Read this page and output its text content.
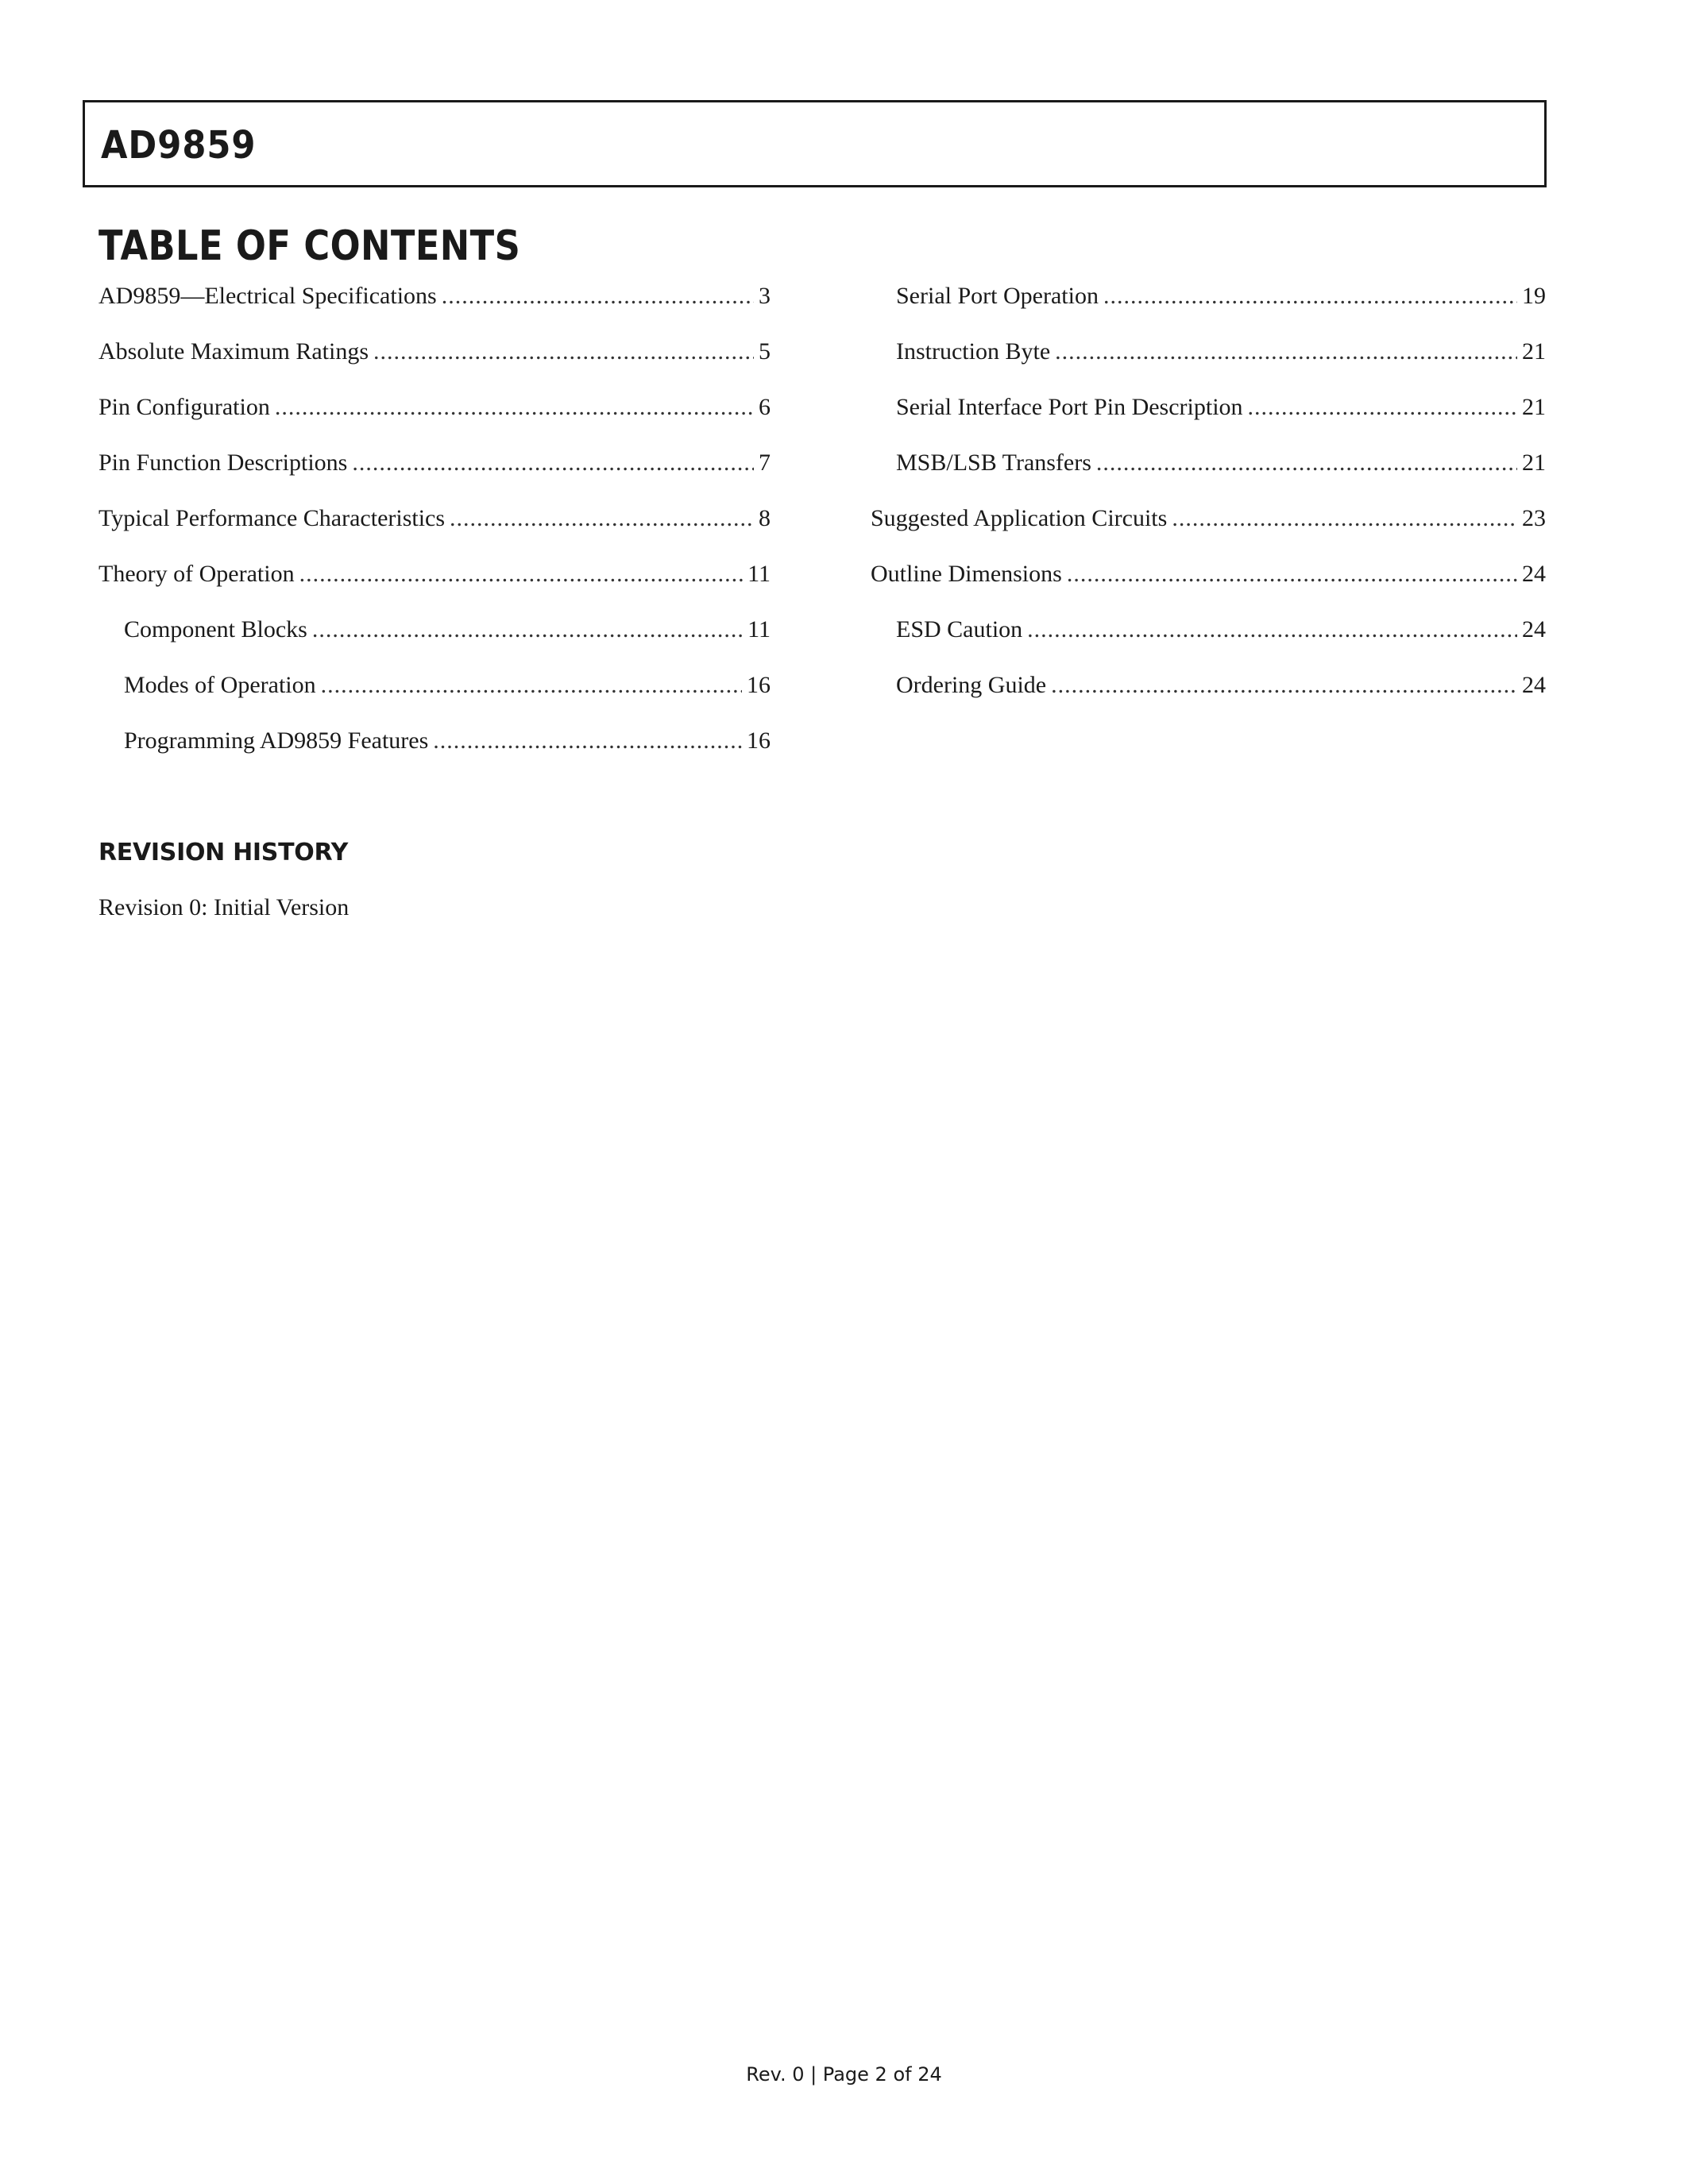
AD9859
TABLE OF CONTENTS
AD9859—Electrical Specifications .....	3
Absolute Maximum Ratings .....	5
Pin Configuration .....	6
Pin Function Descriptions .....	7
Typical Performance Characteristics .....	8
Theory of Operation .....	11
Component Blocks .....	11
Modes of Operation .....	16
Programming AD9859 Features .....	16
Serial Port Operation .....	19
Instruction Byte .....	21
Serial Interface Port Pin Description .....	21
MSB/LSB Transfers .....	21
Suggested Application Circuits .....	23
Outline Dimensions .....	24
ESD Caution .....	24
Ordering Guide .....	24
REVISION HISTORY
Revision 0: Initial Version
Rev. 0 | Page 2 of 24
